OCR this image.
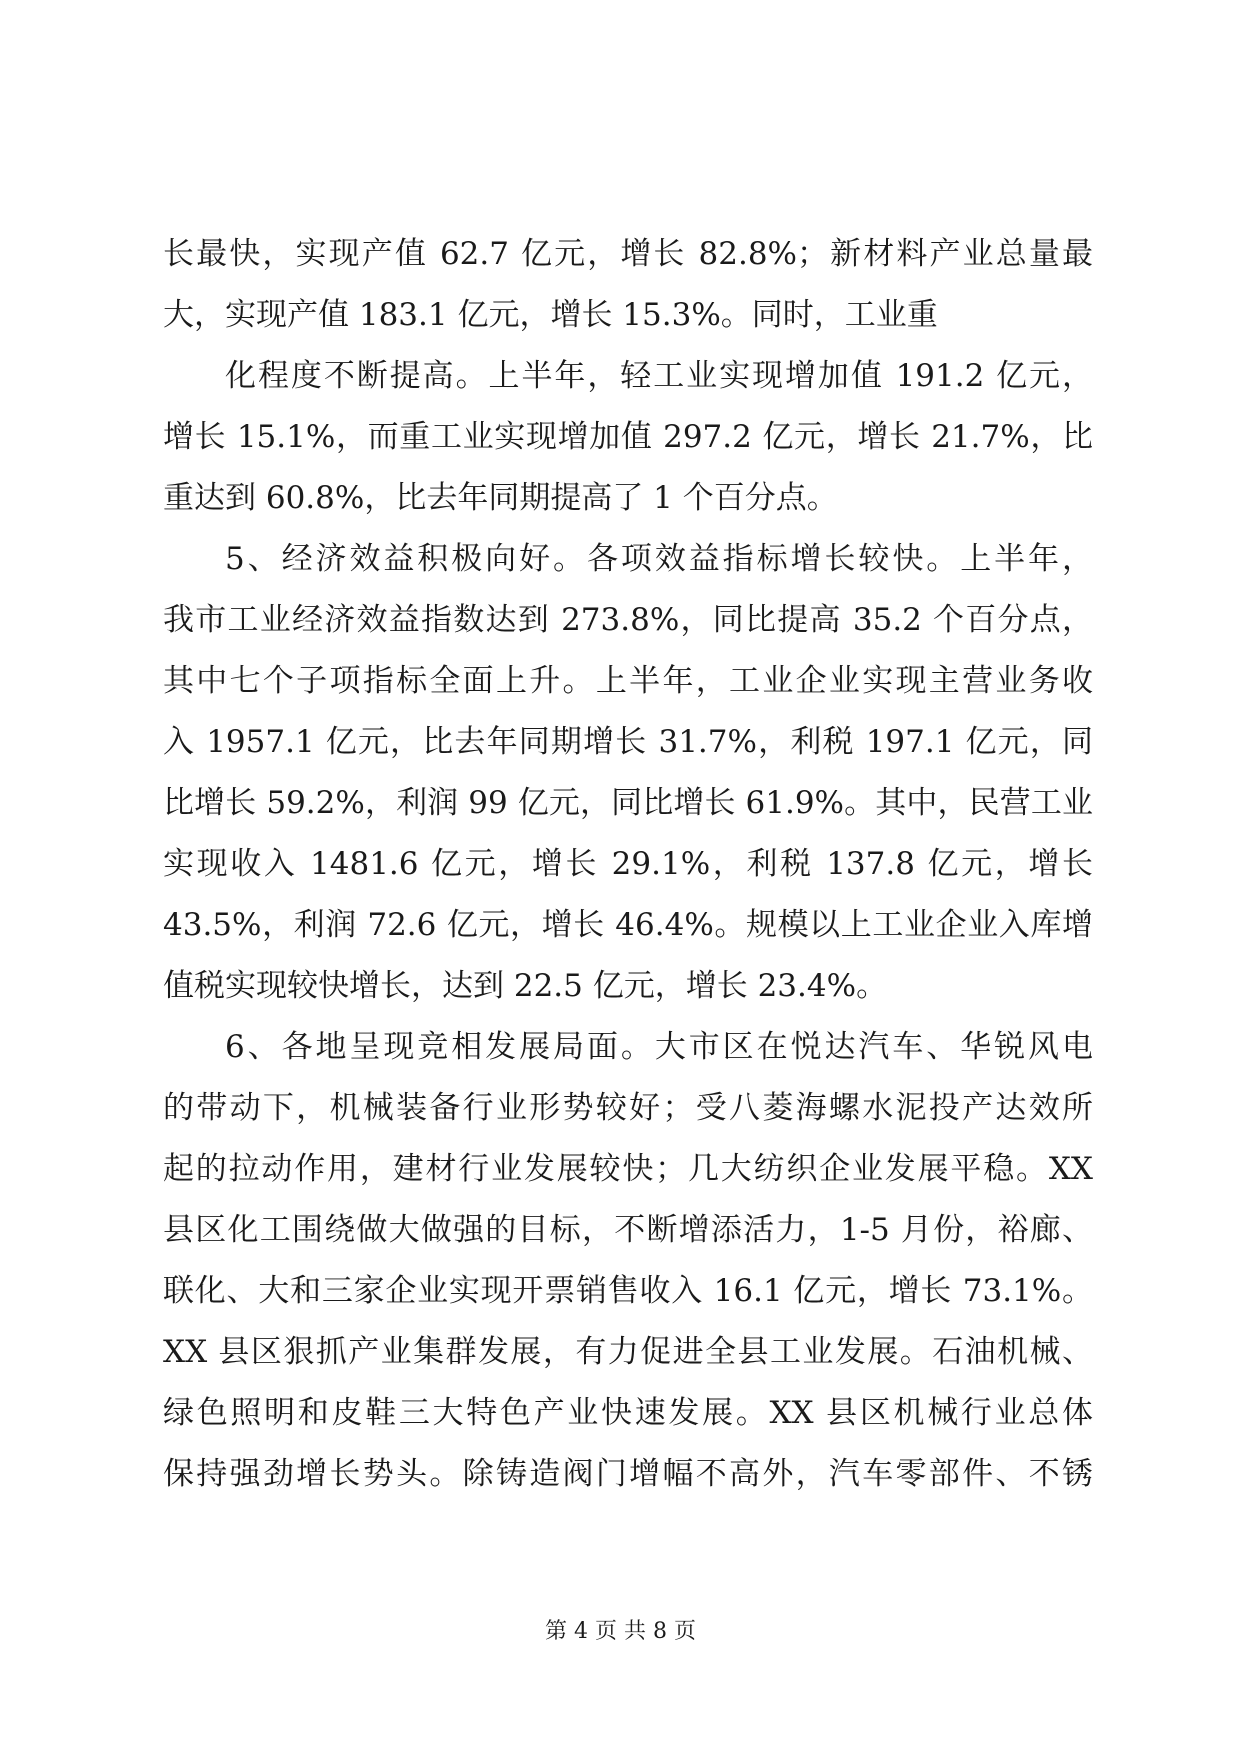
长最快，实现产值 62.7 亿元，增长 82.8%；新材料产业总量最
大，实现产值 183.1 亿元，增长 15.3%。同时，工业重
化程度不断提高。上半年，轻工业实现增加值 191.2 亿元，
增长 15.1%，而重工业实现增加值 297.2 亿元，增长 21.7%，比
重达到 60.8%，比去年同期提高了 1 个百分点。
5、经济效益积极向好。各项效益指标增长较快。上半年，
我市工业经济效益指数达到 273.8%，同比提高 35.2 个百分点，
其中七个子项指标全面上升。上半年，工业企业实现主营业务收
入 1957.1 亿元，比去年同期增长 31.7%，利税 197.1 亿元，同
比增长 59.2%，利润 99 亿元，同比增长 61.9%。其中，民营工业
实现收入 1481.6 亿元，增长 29.1%，利税 137.8 亿元，增长
43.5%，利润 72.6 亿元，增长 46.4%。规模以上工业企业入库增
值税实现较快增长，达到 22.5 亿元，增长 23.4%。
6、各地呈现竞相发展局面。大市区在悦达汽车、华锐风电
的带动下，机械装备行业形势较好；受八菱海螺水泥投产达效所
起的拉动作用，建材行业发展较快；几大纺织企业发展平稳。XX
县区化工围绕做大做强的目标，不断增添活力，1-5 月份，裕廊、
联化、大和三家企业实现开票销售收入 16.1 亿元，增长 73.1%。
XX 县区狠抓产业集群发展，有力促进全县工业发展。石油机械、
绿色照明和皮鞋三大特色产业快速发展。XX 县区机械行业总体
保持强劲增长势头。除铸造阀门增幅不高外，汽车零部件、不锈
第 4 页 共 8 页
